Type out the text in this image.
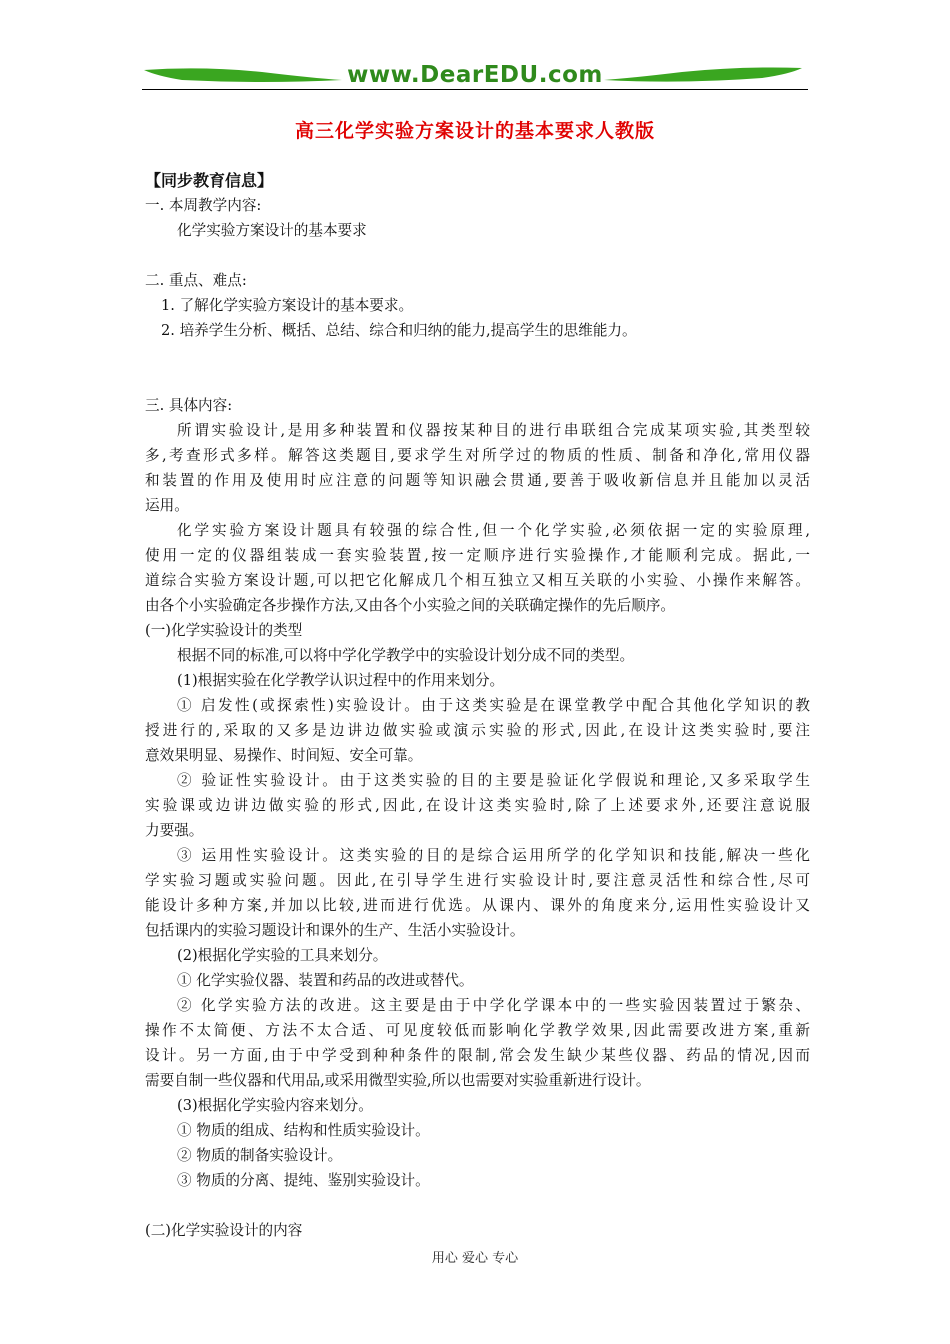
www.DearEDU.com
高三化学实验方案设计的基本要求人教版
【同步教育信息】
一. 本周教学内容:
化学实验方案设计的基本要求
二. 重点、难点:
1. 了解化学实验方案设计的基本要求。
2. 培养学生分析、概括、总结、综合和归纳的能力,提高学生的思维能力。
三. 具体内容:
所谓实验设计,是用多种装置和仪器按某种目的进行串联组合完成某项实验,其类型较
多,考查形式多样。解答这类题目,要求学生对所学过的物质的性质、制备和净化,常用仪器
和装置的作用及使用时应注意的问题等知识融会贯通,要善于吸收新信息并且能加以灵活
运用。
化学实验方案设计题具有较强的综合性,但一个化学实验,必须依据一定的实验原理,
使用一定的仪器组装成一套实验装置,按一定顺序进行实验操作,才能顺利完成。据此,一
道综合实验方案设计题,可以把它化解成几个相互独立又相互关联的小实验、小操作来解答。
由各个小实验确定各步操作方法,又由各个小实验之间的关联确定操作的先后顺序。
(一)化学实验设计的类型
根据不同的标准,可以将中学化学教学中的实验设计划分成不同的类型。
(1)根据实验在化学教学认识过程中的作用来划分。
① 启发性(或探索性)实验设计。由于这类实验是在课堂教学中配合其他化学知识的教
授进行的,采取的又多是边讲边做实验或演示实验的形式,因此,在设计这类实验时,要注
意效果明显、易操作、时间短、安全可靠。
② 验证性实验设计。由于这类实验的目的主要是验证化学假说和理论,又多采取学生
实验课或边讲边做实验的形式,因此,在设计这类实验时,除了上述要求外,还要注意说服
力要强。
③ 运用性实验设计。这类实验的目的是综合运用所学的化学知识和技能,解决一些化
学实验习题或实验问题。因此,在引导学生进行实验设计时,要注意灵活性和综合性,尽可
能设计多种方案,并加以比较,进而进行优选。从课内、课外的角度来分,运用性实验设计又
包括课内的实验习题设计和课外的生产、生活小实验设计。
(2)根据化学实验的工具来划分。
① 化学实验仪器、装置和药品的改进或替代。
② 化学实验方法的改进。这主要是由于中学化学课本中的一些实验因装置过于繁杂、
操作不太简便、方法不太合适、可见度较低而影响化学教学效果,因此需要改进方案,重新
设计。另一方面,由于中学受到种种条件的限制,常会发生缺少某些仪器、药品的情况,因而
需要自制一些仪器和代用品,或采用微型实验,所以也需要对实验重新进行设计。
(3)根据化学实验内容来划分。
① 物质的组成、结构和性质实验设计。
② 物质的制备实验设计。
③ 物质的分离、提纯、鉴别实验设计。
(二)化学实验设计的内容
用心 爱心 专心
